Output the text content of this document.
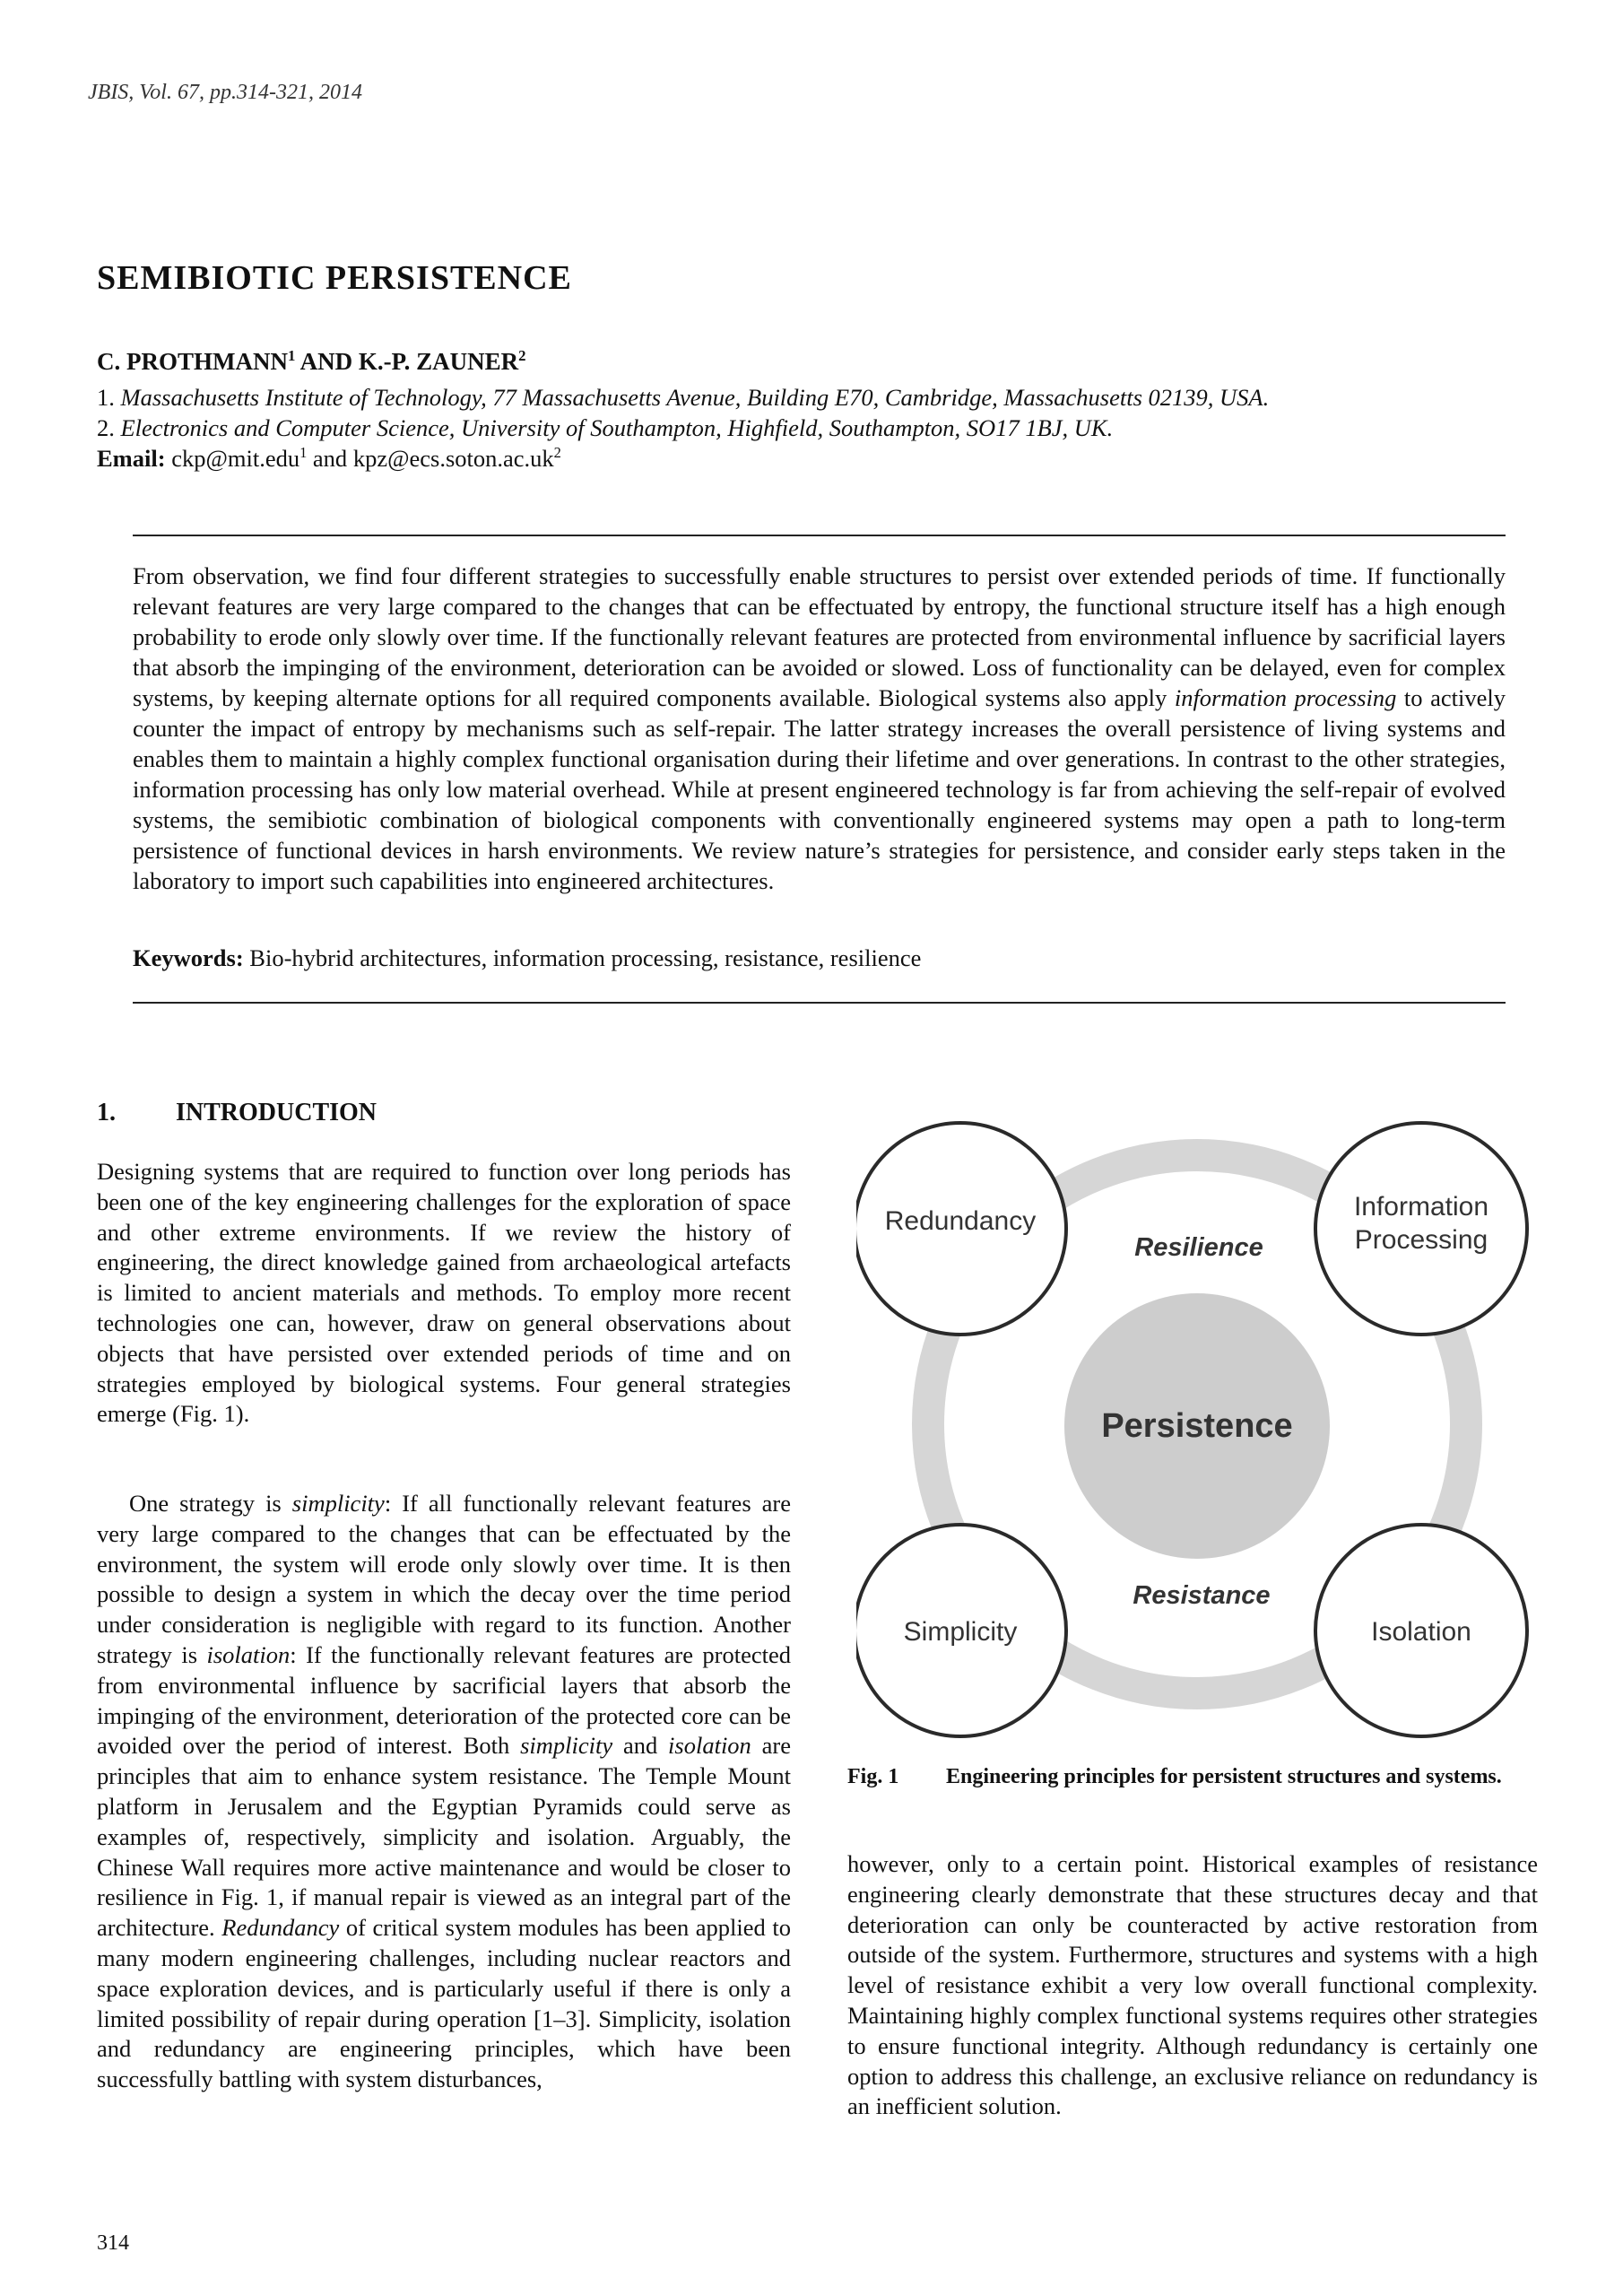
JBIS, Vol. 67, pp.314-321, 2014
SEMIBIOTIC PERSISTENCE
C. PROTHMANN$^1$ AND K.-P. ZAUNER$^2$
1. Massachusetts Institute of Technology, 77 Massachusetts Avenue, Building E70, Cambridge, Massachusetts 02139, USA.
2. Electronics and Computer Science, University of Southampton, Highfield, Southampton, SO17 1BJ, UK.
Email: ckp@mit.edu$^1$ and $kpz@ecs.soton.ac.uk^2$
From observation, we find four different strategies to successfully enable structures to persist over extended periods of time. If functionally relevant features are very large compared to the changes that can be effectuated by entropy, the functional structure itself has a high enough probability to erode only slowly over time. If the functionally relevant features are protected from environmental influence by sacrificial layers that absorb the impinging of the environment, deterioration can be avoided or slowed. Loss of functionality can be delayed, even for complex systems, by keeping alternate options for all required components available. Biological systems also apply information processing to actively counter the impact of entropy by mechanisms such as self-repair. The latter strategy increases the overall persistence of living systems and enables them to maintain a highly complex functional organisation during their lifetime and over generations. In contrast to the other strategies, information processing has only low material overhead. While at present engineered technology is far from achieving the self-repair of evolved systems, the semibiotic combination of biological components with conventionally engineered systems may open a path to long-term persistence of functional devices in harsh environments. We review nature’s strategies for persistence, and consider early steps taken in the laboratory to import such capabilities into engineered architectures.
Keywords: Bio-hybrid architectures, information processing, resistance, resilience
1. INTRODUCTION
Designing systems that are required to function over long periods has been one of the key engineering challenges for the exploration of space and other extreme environments. If we review the history of engineering, the direct knowledge gained from archaeological artefacts is limited to ancient materials and methods. To employ more recent technologies one can, however, draw on general observations about objects that have persisted over extended periods of time and on strategies employed by biological systems. Four general strategies emerge (Fig. 1).
One strategy is simplicity: If all functionally relevant features are very large compared to the changes that can be effectuated by the environment, the system will erode only slowly over time. It is then possible to design a system in which the decay over the time period under consideration is negligible with regard to its function. Another strategy is isolation: If the functionally relevant features are protected from environmental influence by sacrificial layers that absorb the impinging of the environment, deterioration of the protected core can be avoided over the period of interest. Both simplicity and isolation are principles that aim to enhance system resistance. The Temple Mount platform in Jerusalem and the Egyptian Pyramids could serve as examples of, respectively, simplicity and isolation. Arguably, the Chinese Wall requires more active maintenance and would be closer to resilience in Fig. 1, if manual repair is viewed as an integral part of the architecture. Redundancy of critical system modules has been applied to many modern engineering challenges, including nuclear reactors and space exploration devices, and is particularly useful if there is only a limited possibility of repair during operation [1–3]. Simplicity, isolation and redundancy are engineering principles, which have been successfully battling with system disturbances,
Persistence
Resilience
Resistance
Redundancy	Information
Processing
Simplicity	Isolation
Fig. 1 Engineering principles for persistent structures and systems.
however, only to a certain point. Historical examples of resistance engineering clearly demonstrate that these structures decay and that deterioration can only be counteracted by active restoration from outside of the system. Furthermore, structures and systems with a high level of resistance exhibit a very low overall functional complexity. Maintaining highly complex functional systems requires other strategies to ensure functional integrity. Although redundancy is certainly one option to address this challenge, an exclusive reliance on redundancy is an inefficient solution.
314
